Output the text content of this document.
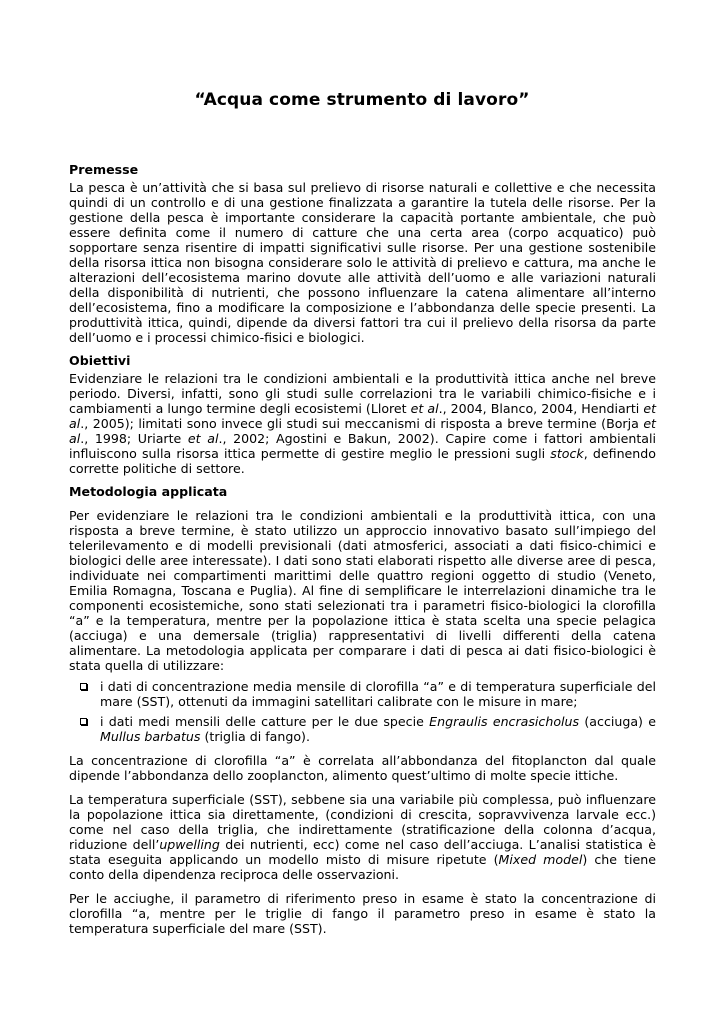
“Acqua come strumento di lavoro”
Premesse

La pesca è un’attività che si basa sul prelievo di risorse naturali e collettive e che necessita quindi di un controllo e di una gestione finalizzata a garantire la tutela delle risorse. Per la gestione della pesca è importante considerare la capacità portante ambientale, che può essere definita come il numero di catture che una certa area (corpo acquatico) può sopportare senza risentire di impatti significativi sulle risorse. Per una gestione sostenibile della risorsa ittica non bisogna considerare solo le attività di prelievo e cattura, ma anche le alterazioni dell’ecosistema marino dovute alle attività dell’uomo e alle variazioni naturali della disponibilità di nutrienti, che possono influenzare la catena alimentare all’interno dell’ecosistema, fino a modificare la composizione e l’abbondanza delle specie presenti. La produttività ittica, quindi, dipende da diversi fattori tra cui il prelievo della risorsa da parte dell’uomo e i processi chimico-fisici e biologici.

Obiettivi

Evidenziare le relazioni tra le condizioni ambientali e la produttività ittica anche nel breve periodo. Diversi, infatti, sono gli studi sulle correlazioni tra le variabili chimico-fisiche e i cambiamenti a lungo termine degli ecosistemi (Lloret et al., 2004, Blanco, 2004, Hendiarti et al., 2005); limitati sono invece gli studi sui meccanismi di risposta a breve termine (Borja et al., 1998; Uriarte et al., 2002; Agostini e Bakun, 2002). Capire come i fattori ambientali influiscono sulla risorsa ittica permette di gestire meglio le pressioni sugli stock, definendo corrette politiche di settore.

Metodologia applicata

Per evidenziare le relazioni tra le condizioni ambientali e la produttività ittica, con una risposta a breve termine, è stato utilizzo un approccio innovativo basato sull’impiego del telerilevamento e di modelli previsionali (dati atmosferici, associati a dati fisico-chimici e biologici delle aree interessate). I dati sono stati elaborati rispetto alle diverse aree di pesca, individuate nei compartimenti marittimi delle quattro regioni oggetto di studio (Veneto, Emilia Romagna, Toscana e Puglia). Al fine di semplificare le interrelazioni dinamiche tra le componenti ecosistemiche, sono stati selezionati tra i parametri fisico-biologici la clorofilla “a” e la temperatura, mentre per la popolazione ittica è stata scelta una specie pelagica (acciuga) e una demersale (triglia) rappresentativi di livelli differenti della catena alimentare. La metodologia applicata per comparare i dati di pesca ai dati fisico-biologici è stata quella di utilizzare:

i dati di concentrazione media mensile di clorofilla “a” e di temperatura superficiale del mare (SST), ottenuti da immagini satellitari calibrate con le misure in mare;
i dati medi mensili delle catture per le due specie Engraulis encrasicholus (acciuga) e Mullus barbatus (triglia di fango).

La concentrazione di clorofilla “a” è correlata all’abbondanza del fitoplancton dal quale dipende l’abbondanza dello zooplancton, alimento quest’ultimo di molte specie ittiche.

La temperatura superficiale (SST), sebbene sia una variabile più complessa, può influenzare la popolazione ittica sia direttamente, (condizioni di crescita, sopravvivenza larvale ecc.) come nel caso della triglia, che indirettamente (stratificazione della colonna d’acqua, riduzione dell’upwelling dei nutrienti, ecc) come nel caso dell’acciuga. L’analisi statistica è stata eseguita applicando un modello misto di misure ripetute (Mixed model) che tiene conto della dipendenza reciproca delle osservazioni.

Per le acciughe, il parametro di riferimento preso in esame è stato la concentrazione di clorofilla “a, mentre per le triglie di fango il parametro preso in esame è stato la temperatura superficiale del mare (SST).
